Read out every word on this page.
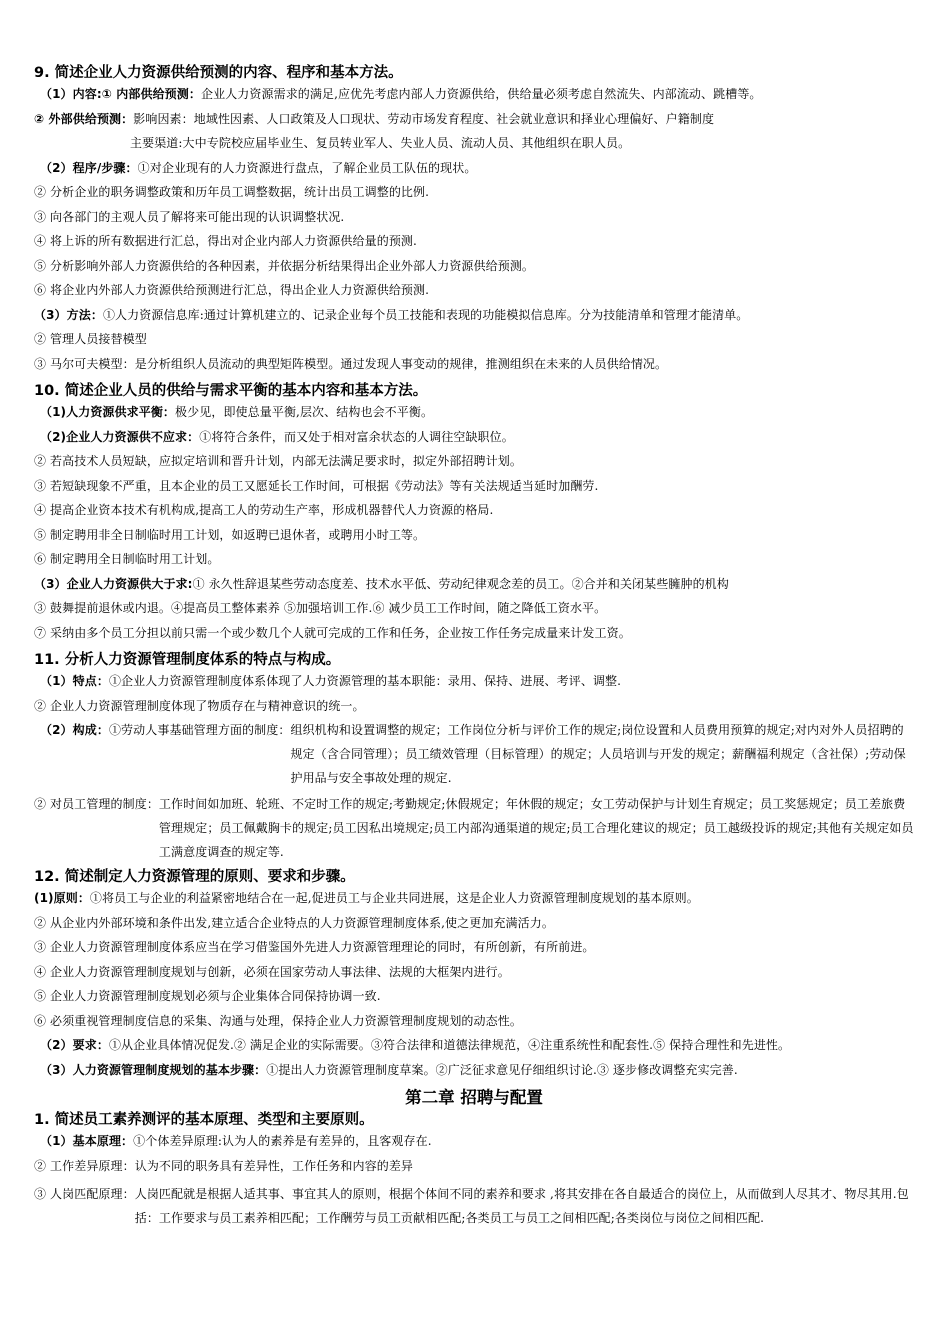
9. 简述企业人力资源供给预测的内容、程序和基本方法。
（1）内容:① 内部供给预测：企业人力资源需求的满足,应优先考虑内部人力资源供给，供给量必须考虑自然流失、内部流动、跳槽等。
② 外部供给预测：影响因素：地域性因素、人口政策及人口现状、劳动市场发育程度、社会就业意识和择业心理偏好、户籍制度
主要渠道:大中专院校应届毕业生、复员转业军人、失业人员、流动人员、其他组织在职人员。
（2）程序/步骤：①对企业现有的人力资源进行盘点，了解企业员工队伍的现状。
② 分析企业的职务调整政策和历年员工调整数据，统计出员工调整的比例.
③ 向各部门的主观人员了解将来可能出现的认识调整状况.
④ 将上诉的所有数据进行汇总，得出对企业内部人力资源供给量的预测.
⑤ 分析影响外部人力资源供给的各种因素，并依据分析结果得出企业外部人力资源供给预测。
⑥ 将企业内外部人力资源供给预测进行汇总，得出企业人力资源供给预测.
（3）方法：①人力资源信息库:通过计算机建立的、记录企业每个员工技能和表现的功能模拟信息库。分为技能清单和管理才能清单。
② 管理人员接替模型
③ 马尔可夫模型：是分析组织人员流动的典型矩阵模型。通过发现人事变动的规律，推测组织在未来的人员供给情况。
10. 简述企业人员的供给与需求平衡的基本内容和基本方法。
（1)人力资源供求平衡：极少见，即使总量平衡,层次、结构也会不平衡。
（2)企业人力资源供不应求：①将符合条件，而又处于相对富余状态的人调往空缺职位。
② 若高技术人员短缺，应拟定培训和晋升计划，内部无法满足要求时，拟定外部招聘计划。
③ 若短缺现象不严重，且本企业的员工又愿延长工作时间，可根据《劳动法》等有关法规适当延时加酬劳.
④ 提高企业资本技术有机构成,提高工人的劳动生产率，形成机器替代人力资源的格局.
⑤ 制定聘用非全日制临时用工计划，如返聘已退休者，或聘用小时工等。
⑥ 制定聘用全日制临时用工计划。
（3）企业人力资源供大于求:① 永久性辞退某些劳动态度差、技术水平低、劳动纪律观念差的员工。②合并和关闭某些臃肿的机构
③ 鼓舞提前退休或内退。④提高员工整体素养 ⑤加强培训工作.⑥ 减少员工工作时间，随之降低工资水平。
⑦ 采纳由多个员工分担以前只需一个或少数几个人就可完成的工作和任务，企业按工作任务完成量来计发工资。
11. 分析人力资源管理制度体系的特点与构成。
（1）特点：①企业人力资源管理制度体系体现了人力资源管理的基本职能：录用、保持、进展、考评、调整.
② 企业人力资源管理制度体现了物质存在与精神意识的统一。
（2）构成：①劳动人事基础管理方面的制度： 组织机构和设置调整的规定；工作岗位分析与评价工作的规定;岗位设置和人员费用预算的规定;对内对外人员招聘的规定（含合同管理）；员工绩效管理（目标管理）的规定；人员培训与开发的规定；薪酬福利规定（含社保）;劳动保护用品与安全事故处理的规定.
② 对员工管理的制度： 工作时间如加班、轮班、不定时工作的规定;考勤规定;休假规定；年休假的规定；女工劳动保护与计划生育规定；员工奖惩规定；员工差旅费管理规定；员工佩戴胸卡的规定;员工因私出境规定;员工内部沟通渠道的规定;员工合理化建议的规定；员工越级投诉的规定;其他有关规定如员工满意度调查的规定等.
12. 简述制定人力资源管理的原则、要求和步骤。
(1)原则：①将员工与企业的利益紧密地结合在一起,促进员工与企业共同进展，这是企业人力资源管理制度规划的基本原则。
② 从企业内外部环境和条件出发,建立适合企业特点的人力资源管理制度体系,使之更加充满活力。
③ 企业人力资源管理制度体系应当在学习借鉴国外先进人力资源管理理论的同时，有所创新，有所前进。
④ 企业人力资源管理制度规划与创新，必须在国家劳动人事法律、法规的大框架内进行。
⑤ 企业人力资源管理制度规划必须与企业集体合同保持协调一致.
⑥ 必须重视管理制度信息的采集、沟通与处理，保持企业人力资源管理制度规划的动态性。
（2）要求：①从企业具体情况促发.② 满足企业的实际需要。③符合法律和道德法律规范，④注重系统性和配套性.⑤ 保持合理性和先进性。
（3）人力资源管理制度规划的基本步骤：①提出人力资源管理制度草案。②广泛征求意见仔细组织讨论.③ 逐步修改调整充实完善.
第二章 招聘与配置
1. 简述员工素养测评的基本原理、类型和主要原则。
（1）基本原理：①个体差异原理:认为人的素养是有差异的，且客观存在.
② 工作差异原理：认为不同的职务具有差异性，工作任务和内容的差异
③ 人岗匹配原理： 人岗匹配就是根据人适其事、事宜其人的原则，根据个体间不同的素养和要求 ,将其安排在各自最适合的岗位上，从而做到人尽其才、物尽其用.包括：工作要求与员工素养相匹配；工作酬劳与员工贡献相匹配;各类员工与员工之间相匹配;各类岗位与岗位之间相匹配.
